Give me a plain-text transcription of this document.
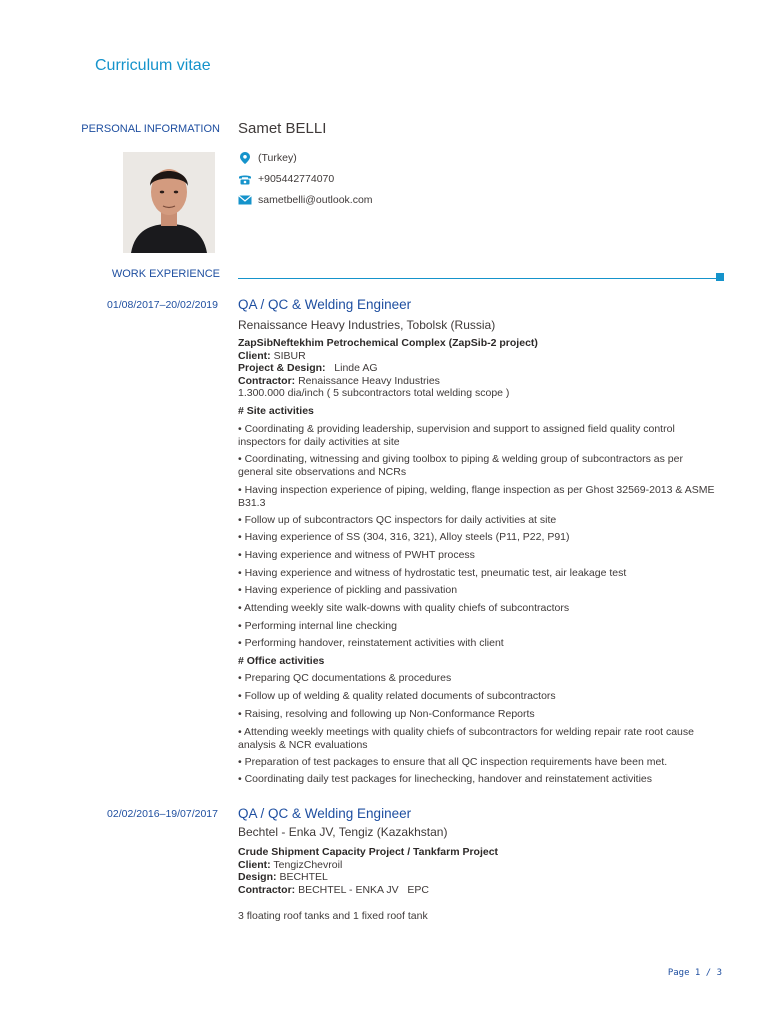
Curriculum vitae
PERSONAL INFORMATION Samet BELLI
(Turkey)
+905442774070
sametbelli@outlook.com
WORK EXPERIENCE
01/08/2017–20/02/2019 QA / QC & Welding Engineer
Renaissance Heavy Industries, Tobolsk (Russia)
ZapSibNeftekhim Petrochemical Complex (ZapSib-2 project)
Client: SIBUR
Project & Design: Linde AG
Contractor: Renaissance Heavy Industries
1.300.000 dia/inch ( 5 subcontractors total welding scope )
# Site activities
• Coordinating & providing leadership, supervision and support to assigned field quality control inspectors for daily activities at site
• Coordinating, witnessing and giving toolbox to piping & welding group of subcontractors as per general site observations and NCRs
• Having inspection experience of piping, welding, flange inspection as per Ghost 32569-2013 & ASME B31.3
• Follow up of subcontractors QC inspectors for daily activities at site
• Having experience of SS (304, 316, 321), Alloy steels (P11, P22, P91)
• Having experience and witness of PWHT process
• Having experience and witness of hydrostatic test, pneumatic test, air leakage test
• Having experience of pickling and passivation
• Attending weekly site walk-downs with quality chiefs of subcontractors
• Performing internal line checking
• Performing handover, reinstatement activities with client
# Office activities
• Preparing QC documentations & procedures
• Follow up of welding & quality related documents of subcontractors
• Raising, resolving and following up Non-Conformance Reports
• Attending weekly meetings with quality chiefs of subcontractors for welding repair rate root cause analysis & NCR evaluations
• Preparation of test packages to ensure that all QC inspection requirements have been met.
• Coordinating daily test packages for linechecking, handover and reinstatement activities
02/02/2016–19/07/2017 QA / QC & Welding Engineer
Bechtel - Enka JV, Tengiz (Kazakhstan)
Crude Shipment Capacity Project / Tankfarm Project
Client: TengizChevroil
Design: BECHTEL
Contractor: BECHTEL - ENKA JV   EPC
3 floating roof tanks and 1 fixed roof tank
Page 1 / 3
